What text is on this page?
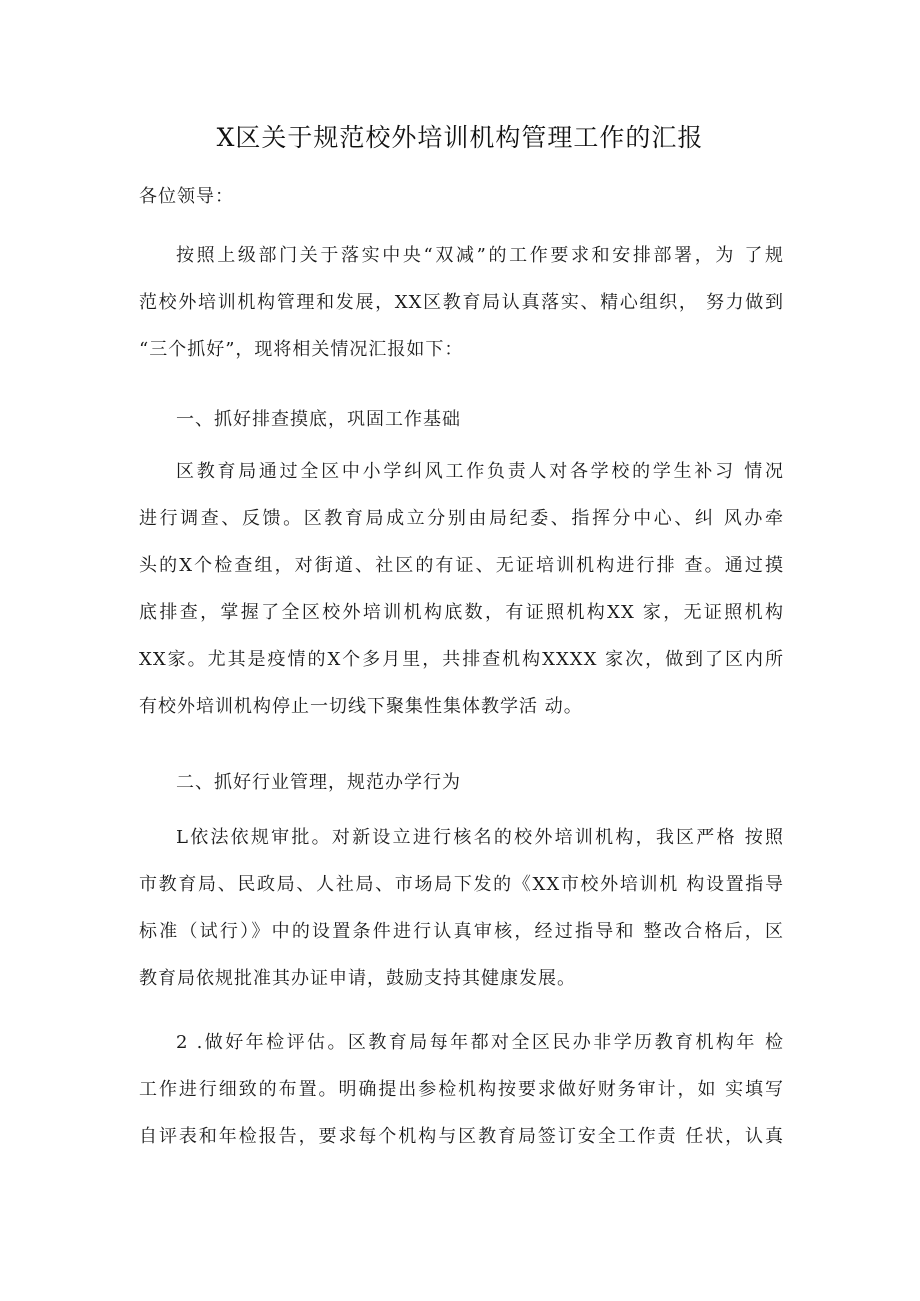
X区关于规范校外培训机构管理工作的汇报
各位领导：
按照上级部门关于落实中央“双减”的工作要求和安排部署，为 了规
范校外培训机构管理和发展，XX区教育局认真落实、精心组织， 努力做到
“三个抓好”，现将相关情况汇报如下：
一、抓好排查摸底，巩固工作基础
区教育局通过全区中小学纠风工作负责人对各学校的学生补习 情况
进行调查、反馈。区教育局成立分别由局纪委、指挥分中心、纠 风办牵
头的X个检查组，对街道、社区的有证、无证培训机构进行排 查。通过摸
底排查，掌握了全区校外培训机构底数，有证照机构XX 家，无证照机构
XX家。尤其是疫情的X个多月里，共排查机构XXXX 家次，做到了区内所
有校外培训机构停止一切线下聚集性集体教学活 动。
二、抓好行业管理，规范办学行为
L依法依规审批。对新设立进行核名的校外培训机构，我区严格 按照
市教育局、民政局、人社局、市场局下发的《XX市校外培训机 构设置指导
标准（试行）》中的设置条件进行认真审核，经过指导和 整改合格后，区
教育局依规批准其办证申请，鼓励支持其健康发展。
2 .做好年检评估。区教育局每年都对全区民办非学历教育机构年 检
工作进行细致的布置。明确提出参检机构按要求做好财务审计，如 实填写
自评表和年检报告，要求每个机构与区教育局签订安全工作责 任状，认真
